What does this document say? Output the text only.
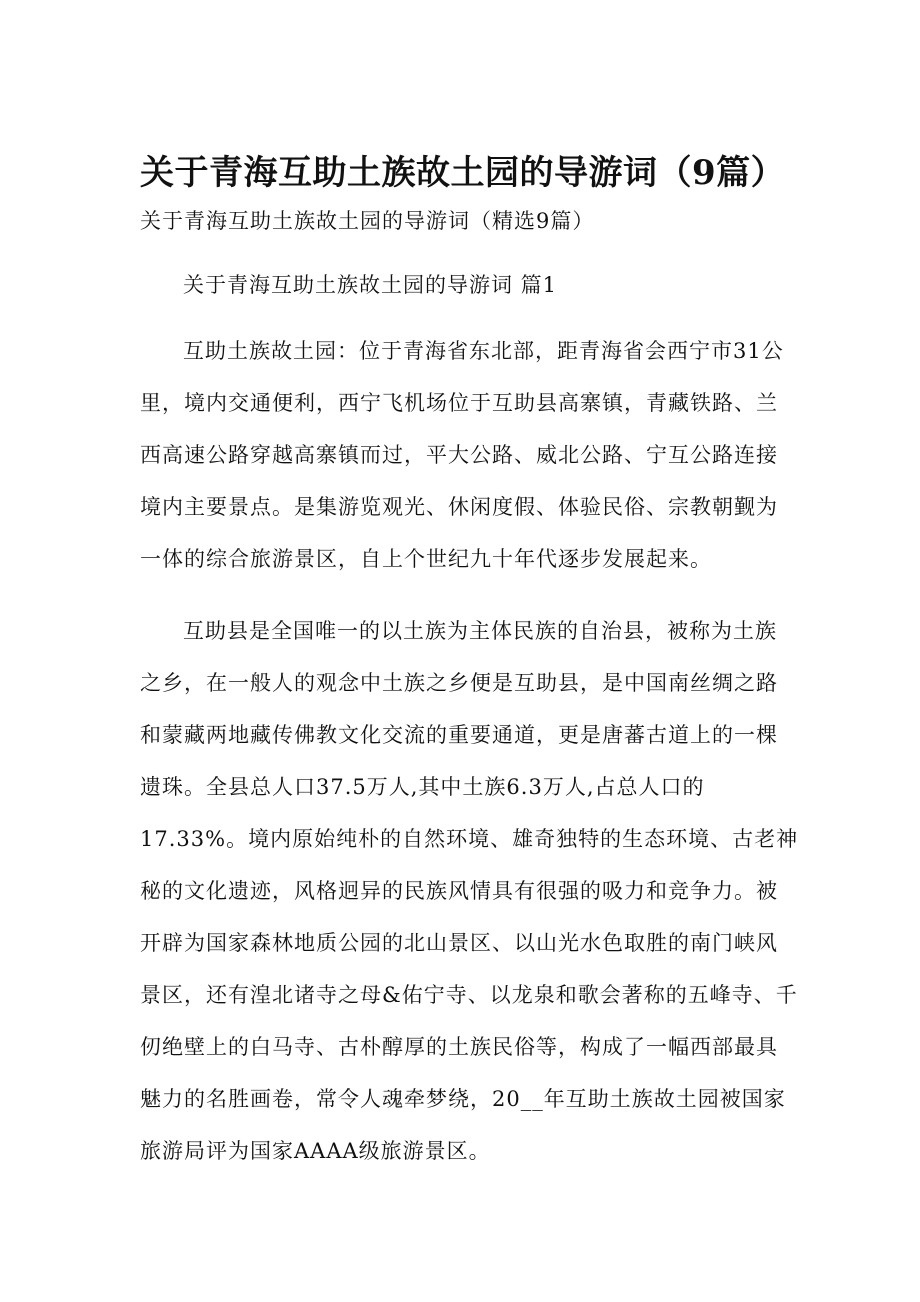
关于青海互助土族故土园的导游词（9篇）
关于青海互助土族故土园的导游词（精选9篇）
关于青海互助土族故土园的导游词 篇1
互助土族故土园：位于青海省东北部，距青海省会西宁市31公
里，境内交通便利，西宁飞机场位于互助县高寨镇，青藏铁路、兰
西高速公路穿越高寨镇而过，平大公路、威北公路、宁互公路连接
境内主要景点。是集游览观光、休闲度假、体验民俗、宗教朝觐为
一体的综合旅游景区，自上个世纪九十年代逐步发展起来。
互助县是全国唯一的以土族为主体民族的自治县，被称为土族
之乡，在一般人的观念中土族之乡便是互助县，是中国南丝绸之路
和蒙藏两地藏传佛教文化交流的重要通道，更是唐蕃古道上的一棵
遗珠。全县总人口37.5万人,其中土族6.3万人,占总人口的
17.33%。境内原始纯朴的自然环境、雄奇独特的生态环境、古老神
秘的文化遗迹，风格迥异的民族风情具有很强的吸力和竞争力。被
开辟为国家森林地质公园的北山景区、以山光水色取胜的南门峡风
景区，还有湟北诸寺之母&佑宁寺、以龙泉和歌会著称的五峰寺、千
仞绝壁上的白马寺、古朴醇厚的土族民俗等，构成了一幅西部最具
魅力的名胜画卷，常令人魂牵梦绕，20__年互助土族故土园被国家
旅游局评为国家AAAA级旅游景区。
